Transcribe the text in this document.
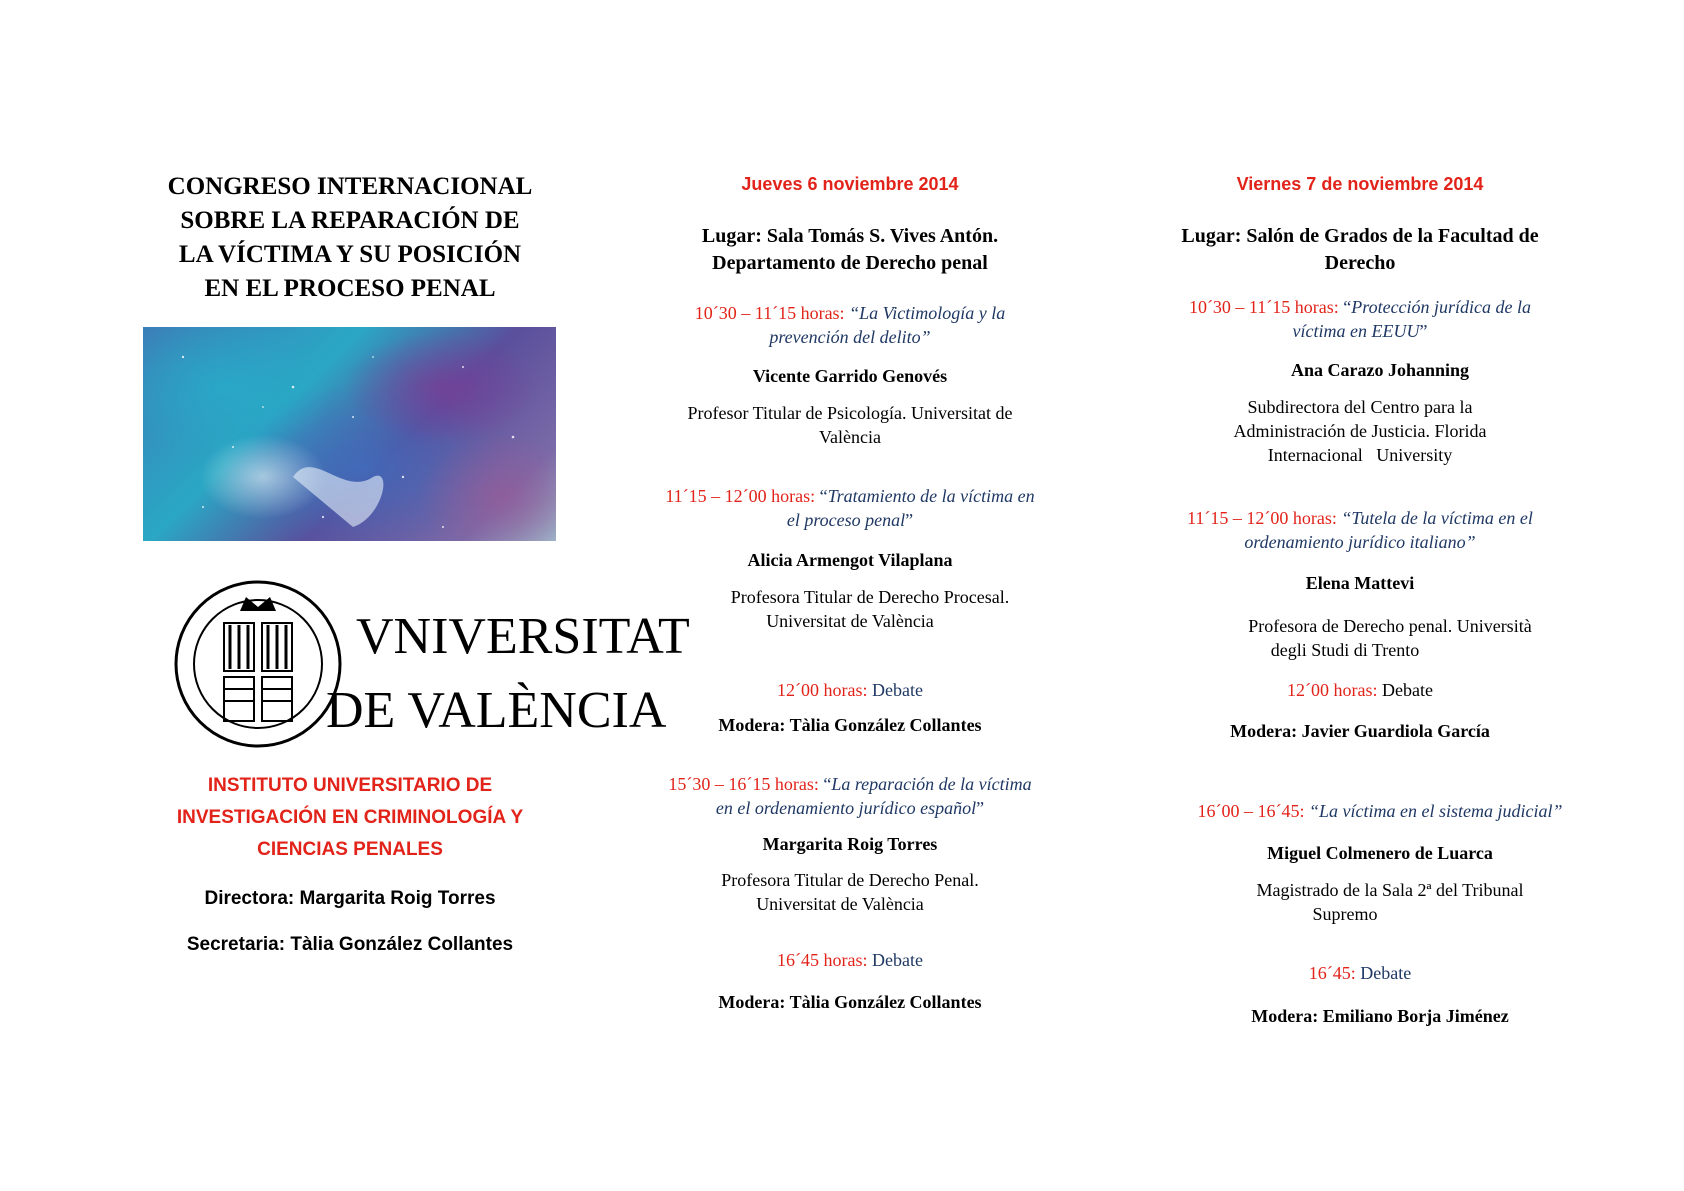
CONGRESO INTERNACIONAL
SOBRE LA REPARACIÓN DE
LA VÍCTIMA Y SU POSICIÓN
EN EL PROCESO PENAL
VNIVERSITAT
DE VALÈNCIA
INSTITUTO UNIVERSITARIO DE
INVESTIGACIÓN EN CRIMINOLOGÍA Y
CIENCIAS PENALES
Directora: Margarita Roig Torres
Secretaria: Tàlia González Collantes
Jueves 6 noviembre 2014
Lugar: Sala Tomás S. Vives Antón.
Departamento de Derecho penal
10´30 – 11´15 horas: “La Victimología y la
prevención del delito”
Vicente Garrido Genovés
Profesor Titular de Psicología. Universitat de
València
11´15 – 12´00 horas: “Tratamiento de la víctima en
el proceso penal”
Alicia Armengot Vilaplana
Profesora Titular de Derecho Procesal.
Universitat de València
12´00 horas: Debate
Modera: Tàlia González Collantes
15´30 – 16´15 horas: “La reparación de la víctima
en el ordenamiento jurídico español”
Margarita Roig Torres
Profesora Titular de Derecho Penal.
Universitat de València
16´45 horas: Debate
Modera: Tàlia González Collantes
Viernes 7 de noviembre 2014
Lugar: Salón de Grados de la Facultad de
Derecho
10´30 – 11´15 horas: “Protección jurídica de la
víctima en EEUU”
Ana Carazo Johanning
Subdirectora del Centro para la
Administración de Justicia. Florida
Internacional   University
11´15 – 12´00 horas: “Tutela de la víctima en el
ordenamiento jurídico italiano”
Elena Mattevi
Profesora de Derecho penal. Università
degli Studi di Trento
12´00 horas: Debate
Modera: Javier Guardiola García
16´00 – 16´45: “La víctima en el sistema judicial”
Miguel Colmenero de Luarca
Magistrado de la Sala 2ª del Tribunal
Supremo
16´45: Debate
Modera: Emiliano Borja Jiménez
